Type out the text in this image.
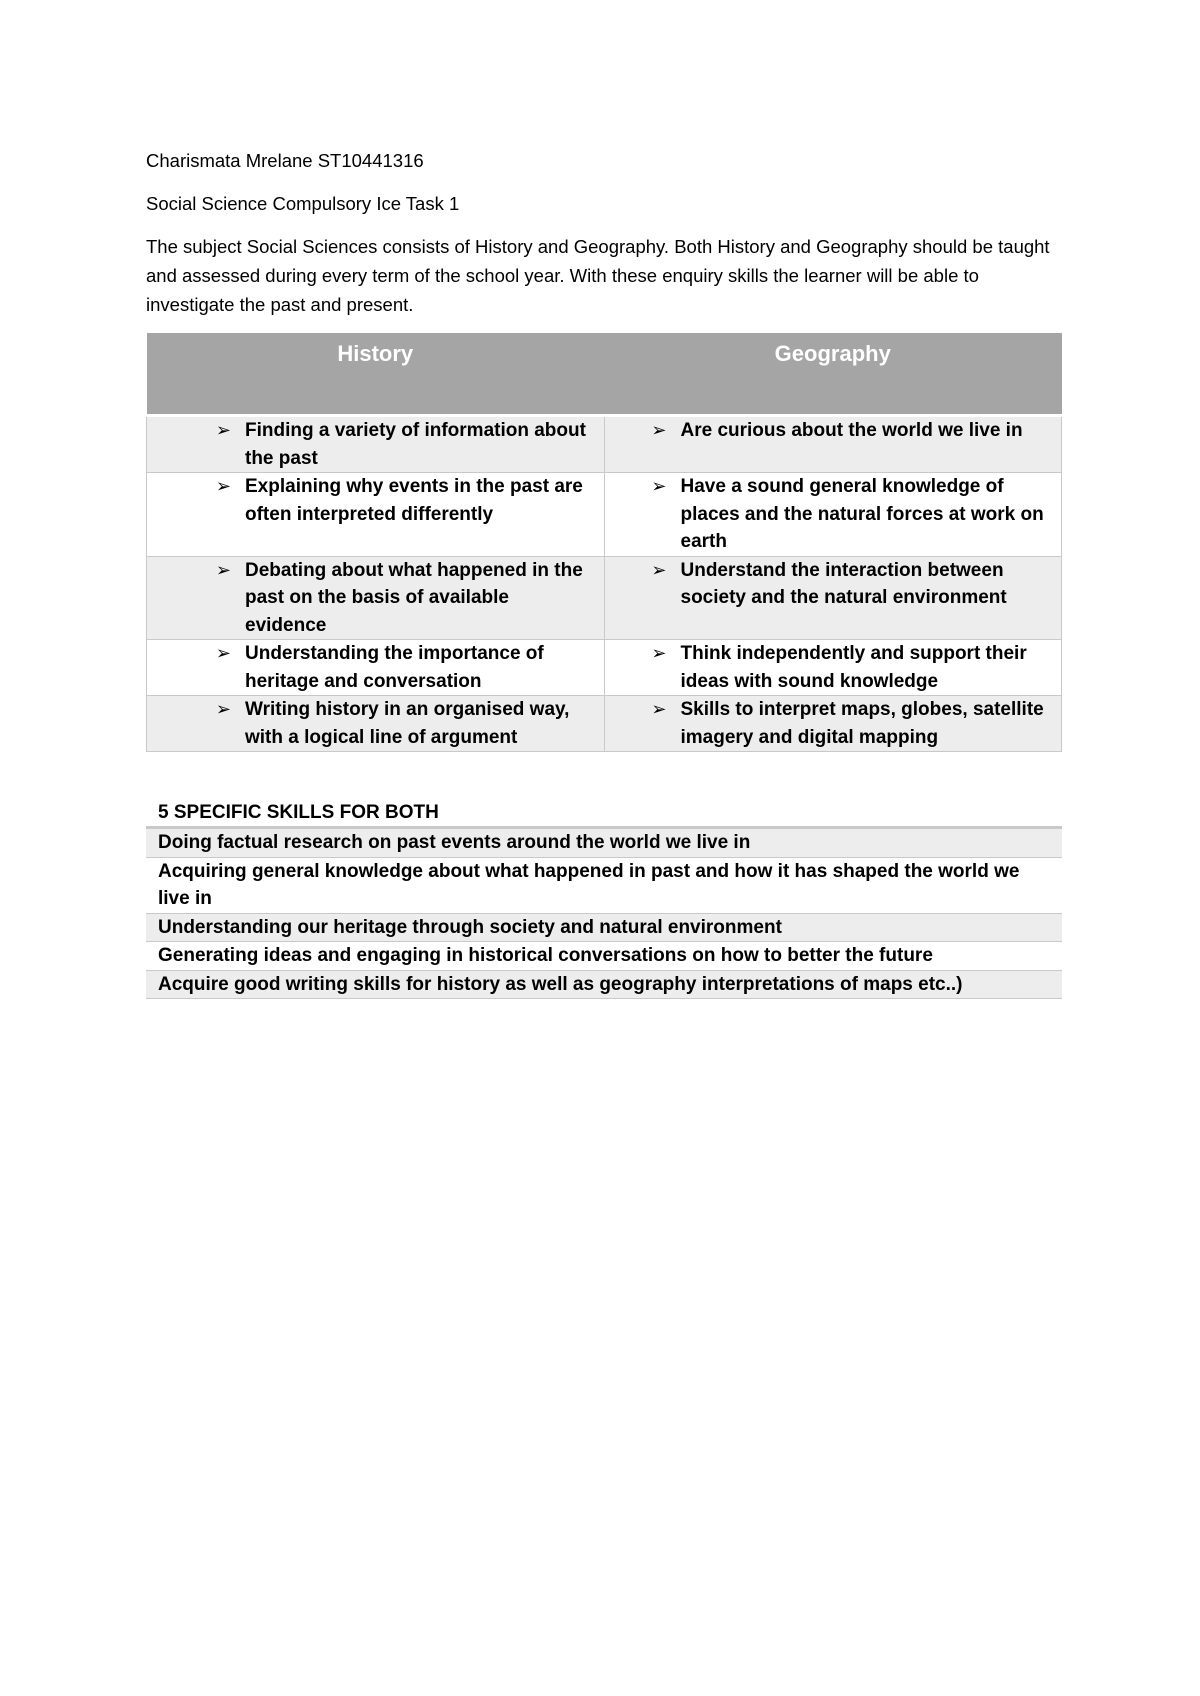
Charismata Mrelane ST10441316

Social Science Compulsory Ice Task 1

The subject Social Sciences consists of History and Geography. Both History and Geography should be taught and assessed during every term of the school year. With these enquiry skills the learner will be able to investigate the past and present.

History	Geography

➢ Finding a variety of information about the past	➢ Are curious about the world we live in

➢ Explaining why events in the past are often interpreted differently	➢ Have a sound general knowledge of places and the natural forces at work on earth

➢ Debating about what happened in the past on the basis of available evidence	➢ Understand the interaction between society and the natural environment

➢ Understanding the importance of heritage and conversation	➢ Think independently and support their ideas with sound knowledge

➢ Writing history in an organised way, with a logical line of argument	➢ Skills to interpret maps, globes, satellite imagery and digital mapping
5 SPECIFIC SKILLS FOR BOTH
Doing factual research on past events around the world we live in
Acquiring general knowledge about what happened in past and how it has shaped the world we live in
Understanding our heritage through society and natural environment
Generating ideas and engaging in historical conversations on how to better the future
Acquire good writing skills for history as well as geography interpretations of maps etc..)
